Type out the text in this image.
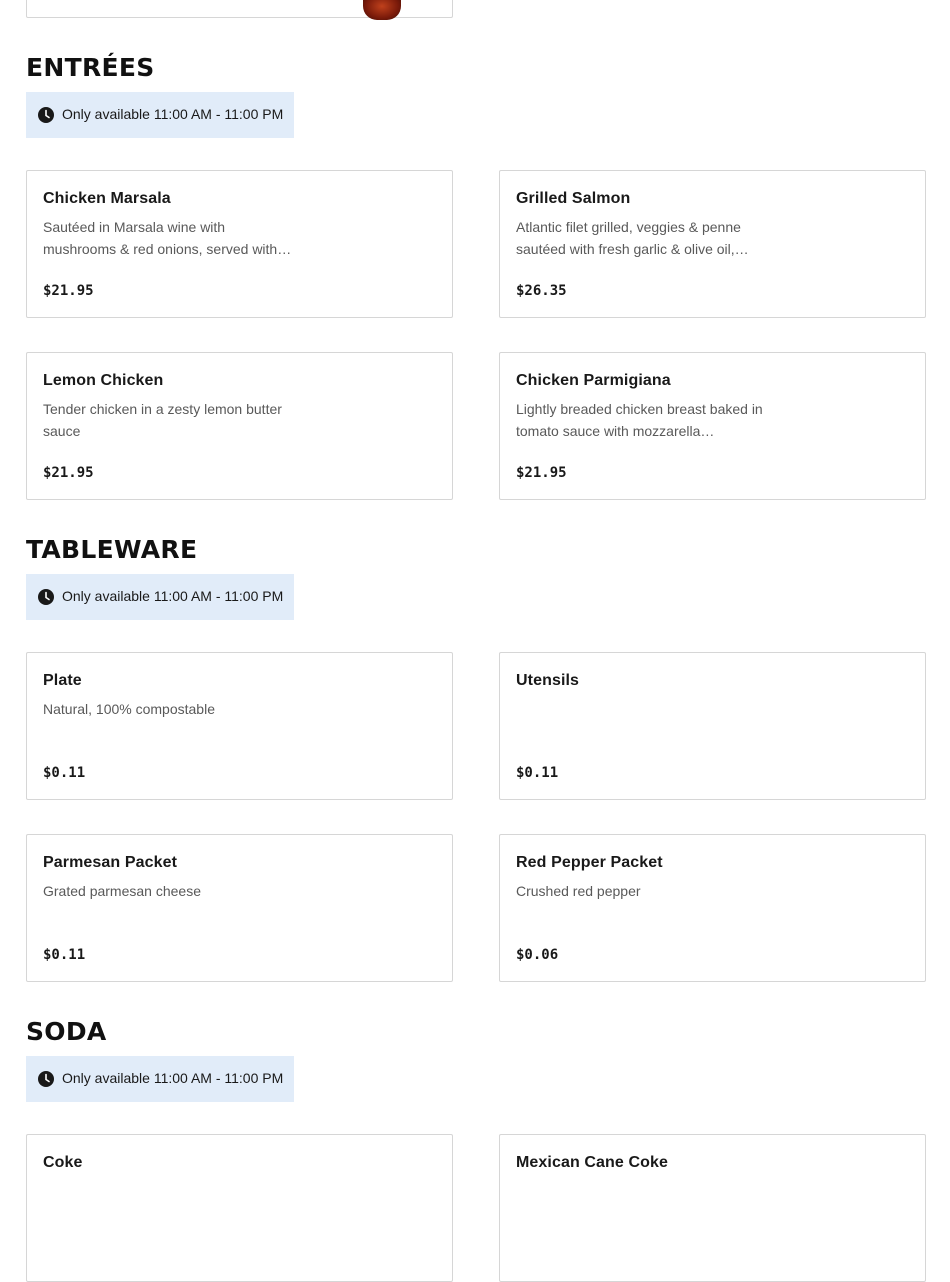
ENTRÉES
Only available 11:00 AM - 11:00 PM
Chicken Marsala
Sautéed in Marsala wine with mushrooms & red onions, served with…
$21.95
Grilled Salmon
Atlantic filet grilled, veggies & penne sautéed with fresh garlic & olive oil,…
$26.35
Lemon Chicken
Tender chicken in a zesty lemon butter sauce
$21.95
Chicken Parmigiana
Lightly breaded chicken breast baked in tomato sauce with mozzarella…
$21.95
TABLEWARE
Only available 11:00 AM - 11:00 PM
Plate
Natural, 100% compostable
$0.11
Utensils
$0.11
Parmesan Packet
Grated parmesan cheese
$0.11
Red Pepper Packet
Crushed red pepper
$0.06
SODA
Only available 11:00 AM - 11:00 PM
Coke	Mexican Cane Coke
